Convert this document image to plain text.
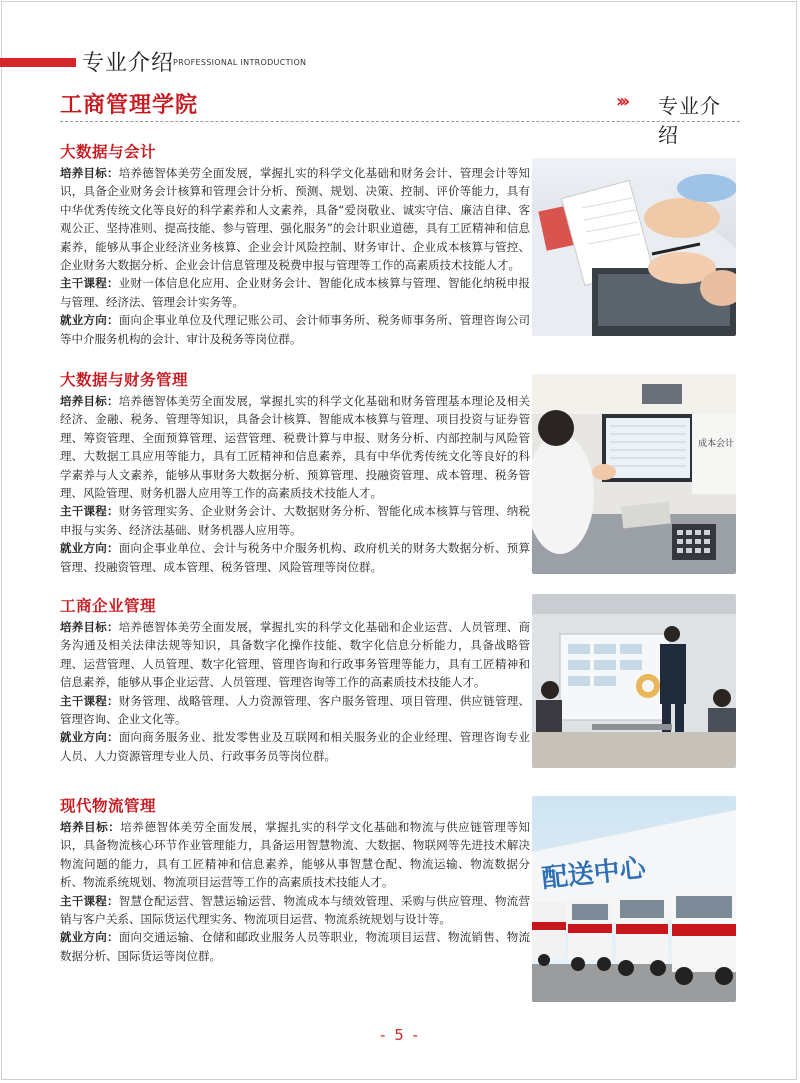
专业介绍
PROFESSIONAL INTRODUCTION
工商管理学院	››› 专业介绍
大数据与会计

培养目标：培养德智体美劳全面发展，掌握扎实的科学文化基础和财务会计、管理会计等知识，具备企业财务会计核算和管理会计分析、预测、规划、决策、控制、评价等能力，具有中华优秀传统文化等良好的科学素养和人文素养，具备“爱岗敬业、诚实守信、廉洁自律、客观公正、坚持准则、提高技能、参与管理、强化服务”的会计职业道德，具有工匠精神和信息素养，能够从事企业经济业务核算、企业会计风险控制、财务审计、企业成本核算与管控、企业财务大数据分析、企业会计信息管理及税费申报与管理等工作的高素质技术技能人才。

主干课程：业财一体信息化应用、企业财务会计、智能化成本核算与管理、智能化纳税申报与管理、经济法、管理会计实务等。

就业方向：面向企事业单位及代理记账公司、会计师事务所、税务师事务所、管理咨询公司等中介服务机构的会计、审计及税务等岗位群。

大数据与财务管理

培养目标：培养德智体美劳全面发展，掌握扎实的科学文化基础和财务管理基本理论及相关经济、金融、税务、管理等知识，具备会计核算、智能成本核算与管理、项目投资与证券管理、筹资管理、全面预算管理、运营管理、税费计算与申报、财务分析、内部控制与风险管理、大数据工具应用等能力，具有工匠精神和信息素养，具有中华优秀传统文化等良好的科学素养与人文素养，能够从事财务大数据分析、预算管理、投融资管理、成本管理、税务管理、风险管理、财务机器人应用等工作的高素质技术技能人才。

主干课程：财务管理实务、企业财务会计、大数据财务分析、智能化成本核算与管理、纳税申报与实务、经济法基础、财务机器人应用等。

就业方向：面向企事业单位、会计与税务中介服务机构、政府机关的财务大数据分析、预算管理、投融资管理、成本管理、税务管理、风险管理等岗位群。

成本会计
工商企业管理

培养目标：培养德智体美劳全面发展，掌握扎实的科学文化基础和企业运营、人员管理、商务沟通及相关法律法规等知识，具备数字化操作技能、数字化信息分析能力，具备战略管理、运营管理、人员管理、数字化管理、管理咨询和行政事务管理等能力，具有工匠精神和信息素养，能够从事企业运营、人员管理、管理咨询等工作的高素质技术技能人才。

主干课程：财务管理、战略管理、人力资源管理、客户服务管理、项目管理、供应链管理、管理咨询、企业文化等。

就业方向：面向商务服务业、批发零售业及互联网和相关服务业的企业经理、管理咨询专业人员、人力资源管理专业人员、行政事务员等岗位群。

现代物流管理

培养目标：培养德智体美劳全面发展，掌握扎实的科学文化基础和物流与供应链管理等知识，具备物流核心环节作业管理能力，具备运用智慧物流、大数据、物联网等先进技术解决物流问题的能力，具有工匠精神和信息素养，能够从事智慧仓配、物流运输、物流数据分析、物流系统规划、物流项目运营等工作的高素质技术技能人才。

主干课程：智慧仓配运营、智慧运输运营、物流成本与绩效管理、采购与供应管理、物流营销与客户关系、国际货运代理实务、物流项目运营、物流系统规划与设计等。

就业方向：面向交通运输、仓储和邮政业服务人员等职业，物流项目运营、物流销售、物流数据分析、国际货运等岗位群。

配送中心
- 5 -
